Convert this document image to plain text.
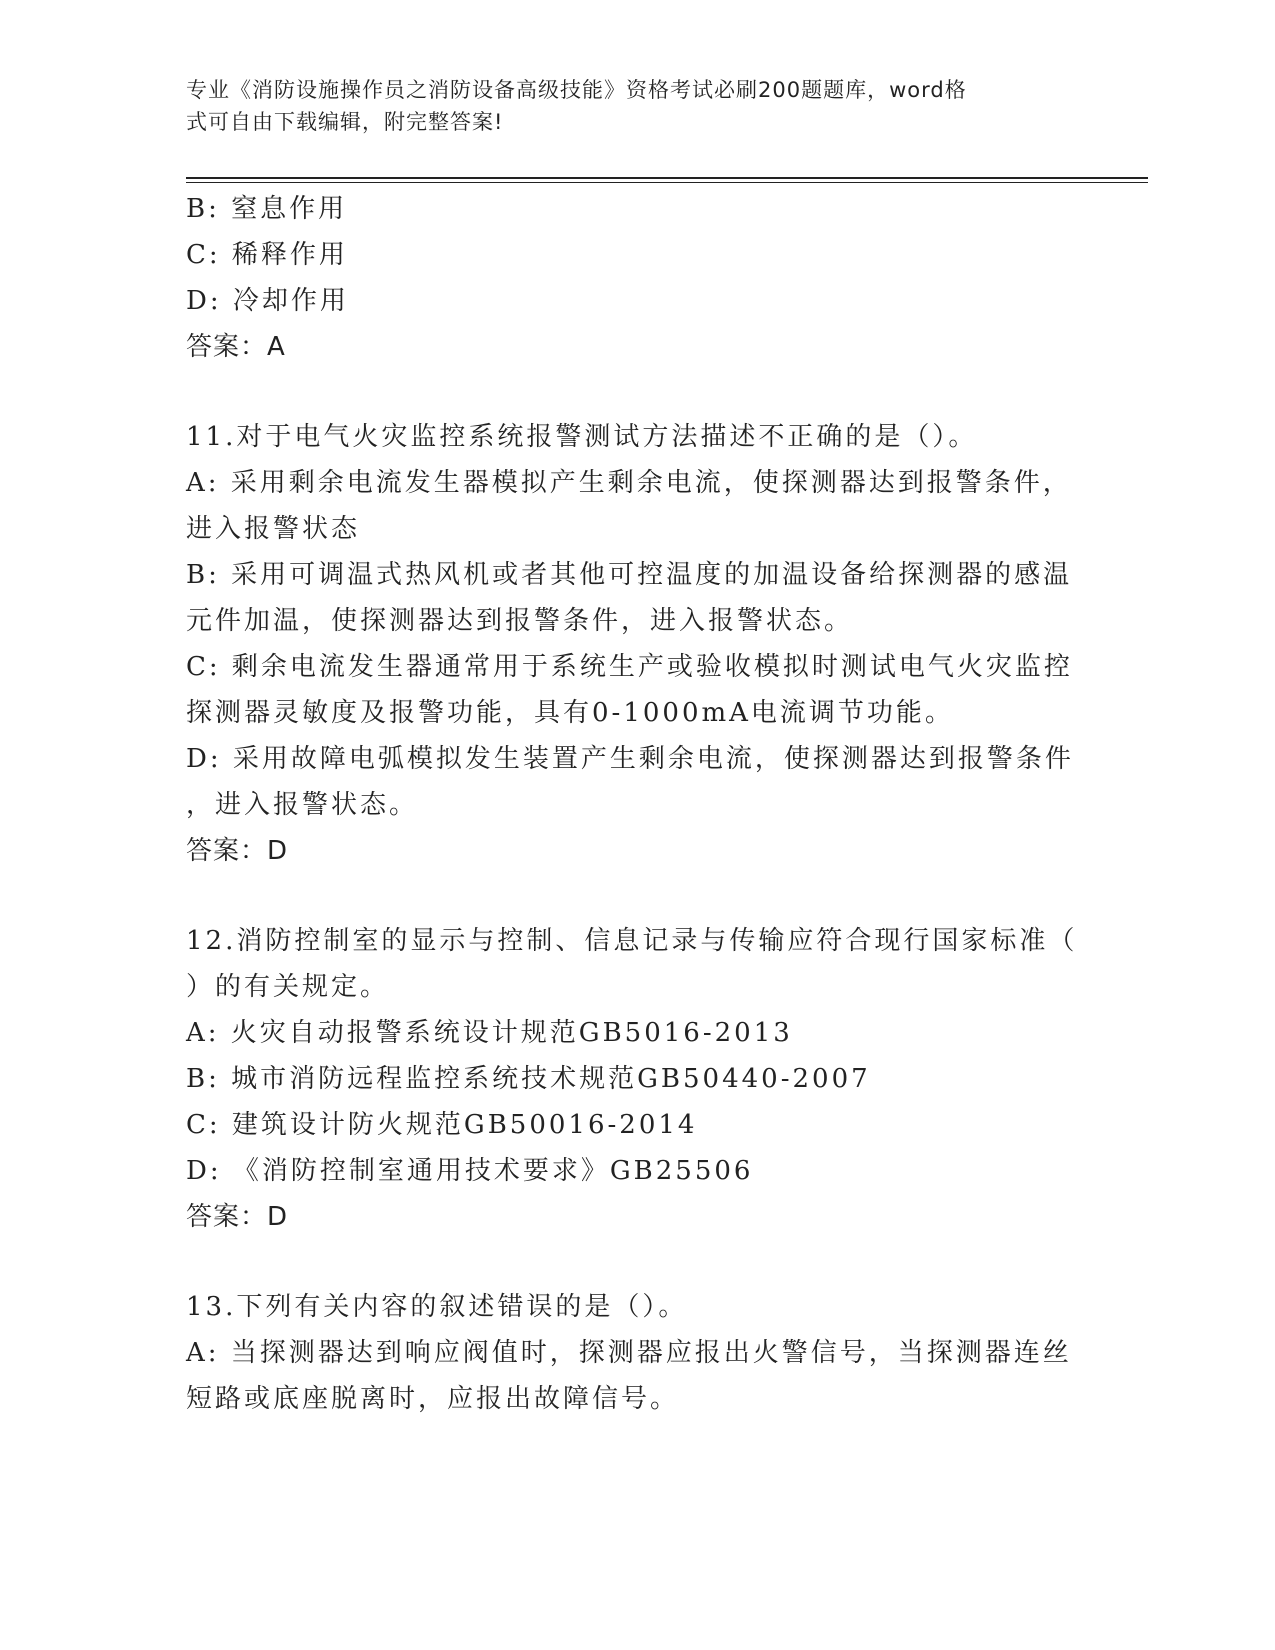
专业《消防设施操作员之消防设备高级技能》资格考试必刷200题题库，word格
式可自由下载编辑，附完整答案!
B: 窒息作用
C: 稀释作用
D: 冷却作用
答案：A
11.对于电气火灾监控系统报警测试方法描述不正确的是（）。
A: 采用剩余电流发生器模拟产生剩余电流，使探测器达到报警条件，
进入报警状态
B: 采用可调温式热风机或者其他可控温度的加温设备给探测器的感温
元件加温，使探测器达到报警条件，进入报警状态。
C: 剩余电流发生器通常用于系统生产或验收模拟时测试电气火灾监控
探测器灵敏度及报警功能，具有0-1000mA电流调节功能。
D: 采用故障电弧模拟发生装置产生剩余电流，使探测器达到报警条件
，进入报警状态。
答案：D
12.消防控制室的显示与控制、信息记录与传输应符合现行国家标准（
）的有关规定。
A: 火灾自动报警系统设计规范GB5016-2013
B: 城市消防远程监控系统技术规范GB50440-2007
C: 建筑设计防火规范GB50016-2014
D: 《消防控制室通用技术要求》GB25506
答案：D
13.下列有关内容的叙述错误的是（）。
A: 当探测器达到响应阀值时，探测器应报出火警信号，当探测器连丝
短路或底座脱离时，应报出故障信号。
